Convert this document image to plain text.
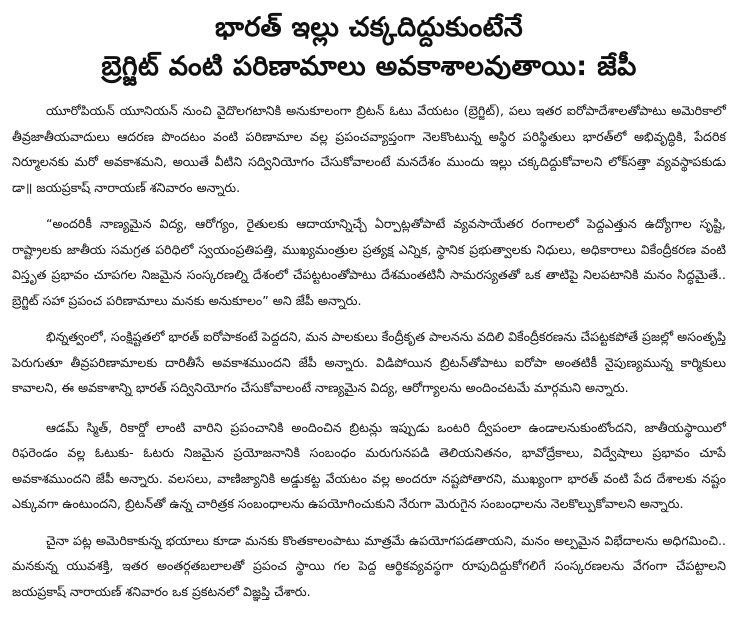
భారత్ ఇల్లు చక్కదిద్దుకుంటేనే
బ్రెగ్జిట్ వంటి పరిణామాలు అవకాశాలవుతాయి: జేపీ

యూరోపియన్ యూనియన్ నుంచి వైదొలగటానికి అనుకూలంగా బ్రిటన్ ఓటు వేయటం (బ్రెగ్జిట్), పలు ఇతర ఐరోపాదేశాలతోపాటు అమెరికాలో తీవ్రజాతీయవాదులు ఆదరణ పొందటం వంటి పరిణామాల వల్ల ప్రపంచవ్యాప్తంగా నెలకొంటున్న అస్థిర పరిస్థితులు భారత్‌లో అభివృద్ధికి, పేదరిక నిర్మూలనకు మరో అవకాశమని, అయితే వీటిని సద్వినియోగం చేసుకోవాలంటే మనదేశం ముందు ఇల్లు చక్కదిద్దుకోవాలని లోక్‌సత్తా వ్యవస్థాపకుడు డా॥ జయప్రకాష్ నారాయణ్ శనివారం అన్నారు.

“అందరికీ నాణ్యమైన విద్య, ఆరోగ్యం, రైతులకు ఆదాయాన్నిచ్చే ఏర్పాట్లతోపాటే వ్యవసాయేతర రంగాలలో పెద్దఎత్తున ఉద్యోగాల సృష్టి, రాష్ట్రాలకు జాతీయ సమగ్రత పరిధిలో స్వయంప్రతిపత్తి, ముఖ్యమంత్రుల ప్రత్యక్ష ఎన్నిక, స్థానిక ప్రభుత్వాలకు నిధులు, అధికారాలు వికేంద్రీకరణ వంటి విస్తృత ప్రభావం చూపగల నిజమైన సంస్కరణల్ని దేశంలో చేపట్టటంతోపాటు దేశమంతటినీ సామరస్యతతో ఒక తాటిపై నిలపటానికి మనం సిద్ధమైతే.. బ్రెగ్జిట్ సహా ప్రపంచ పరిణామాలు మనకు అనుకూలం” అని జేపీ అన్నారు.

భిన్నత్వంలో, సంక్షిష్టతలో భారత్ ఐరోపాకంటే పెద్దదని, మన పాలకులు కేంద్రీకృత పాలనను వదిలి వికేంద్రీకరణను చేపట్టకపోతే ప్రజల్లో అసంతృప్తి పెరుగుతూ తీవ్రపరిణామాలకు దారితీసే అవకాశముందని జేపీ అన్నారు. విడిపోయిన బ్రిటన్‌తోపాటు ఐరోపా అంతటికీ నైపుణ్యమున్న కార్మికులు కావాలని, ఈ అవకాశాన్ని భారత్ సద్వినియోగం చేసుకోవాలంటే నాణ్యమైన విద్య, ఆరోగ్యాలను అందించటమే మార్గమని అన్నారు.

ఆడమ్ స్మిత్, రికార్డో లాంటి వారిని ప్రపంచానికి అందించిన బ్రిటన్లు ఇప్పుడు ఒంటరి ద్వీపంలా ఉండాలనుకుంటోందని, జాతీయస్థాయిలో రిఫరెండం వల్ల ఓటుకు- ఓటరు నిజమైన ప్రయోజనానికి సంబంధం మరుగునపడి తెలియనితనం, భావోద్రేకాలు, విద్వేషాలు ప్రభావం చూపే అవకాశముందని జేపీ అన్నారు. వలసలు, వాణిజ్యానికి అడ్డుకట్ట వేయటం వల్ల అందరూ నష్టపోతారని, ముఖ్యంగా భారత్ వంటి పేద దేశాలకు నష్టం ఎక్కువగా ఉంటుందని, బ్రిటన్‌తో ఉన్న చారిత్రక సంబంధాలను ఉపయోగించుకుని నేరుగా మెరుగైన సంబంధాలను నెలకొల్పుకోవాలని అన్నారు.

చైనా పట్ల అమెరికాకున్న భయాలు కూడా మనకు కొంతకాలంపాటు మాత్రమే ఉపయోగపడతాయని, మనం అల్పమైన విభేదాలను అధిగమించి.. మనకున్న యువశక్తి, ఇతర అంతర్గతబలాలతో ప్రపంచ స్థాయి గల పెద్ద ఆర్థికవ్యవస్థగా రూపుదిద్దుకోగలిగే సంస్కరణలను వేగంగా చేపట్టాలని జయప్రకాష్ నారాయణ్ శనివారం ఒక ప్రకటనలో విజ్ఞప్తి చేశారు.
